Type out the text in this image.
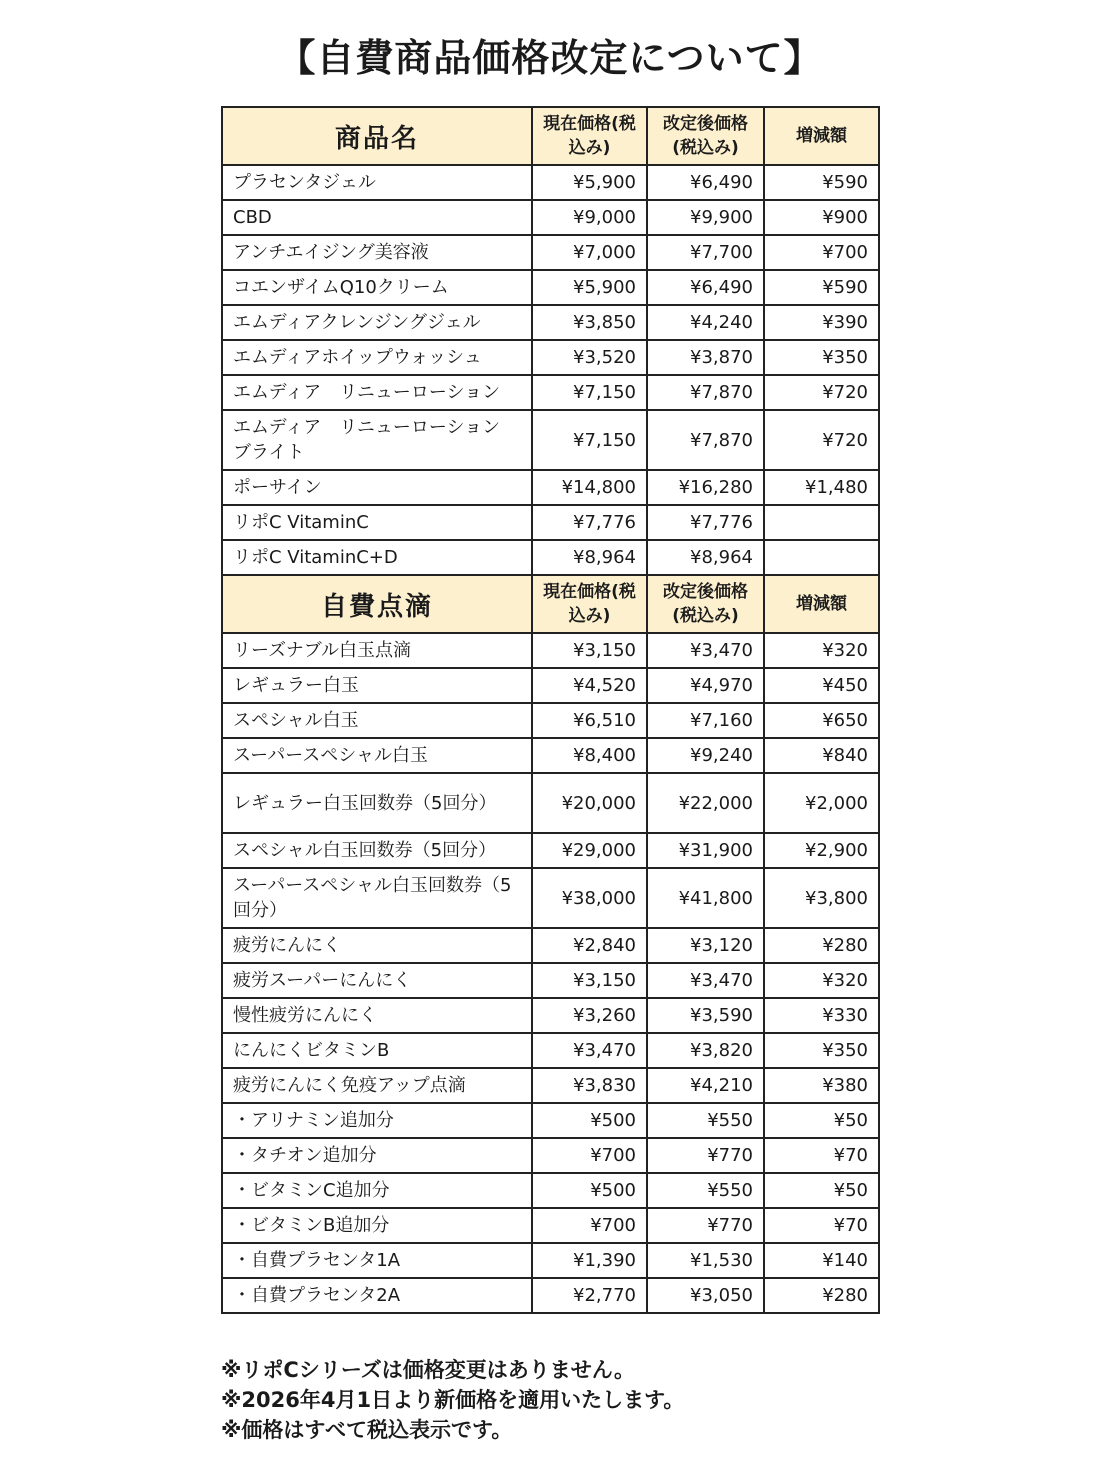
【自費商品価格改定について】
商品名	現在価格(税込み)	改定後価格(税込み)	増減額
プラセンタジェル	¥5,900	¥6,490	¥590
CBD	¥9,000	¥9,900	¥900
アンチエイジング美容液	¥7,000	¥7,700	¥700
コエンザイムQ10クリーム	¥5,900	¥6,490	¥590
エムディアクレンジングジェル	¥3,850	¥4,240	¥390
エムディアホイップウォッシュ	¥3,520	¥3,870	¥350
エムディア　リニューローション	¥7,150	¥7,870	¥720
エムディア　リニューローション　ブライト	¥7,150	¥7,870	¥720
ポーサイン	¥14,800	¥16,280	¥1,480
リポC VitaminC	¥7,776	¥7,776	
リポC VitaminC+D	¥8,964	¥8,964	
自費点滴	現在価格(税込み)	改定後価格(税込み)	増減額
リーズナブル白玉点滴	¥3,150	¥3,470	¥320
レギュラー白玉	¥4,520	¥4,970	¥450
スペシャル白玉	¥6,510	¥7,160	¥650
スーパースペシャル白玉	¥8,400	¥9,240	¥840
レギュラー白玉回数券（5回分）	¥20,000	¥22,000	¥2,000
スペシャル白玉回数券（5回分）	¥29,000	¥31,900	¥2,900
スーパースペシャル白玉回数券（5回分）	¥38,000	¥41,800	¥3,800
疲労にんにく	¥2,840	¥3,120	¥280
疲労スーパーにんにく	¥3,150	¥3,470	¥320
慢性疲労にんにく	¥3,260	¥3,590	¥330
にんにくビタミンB	¥3,470	¥3,820	¥350
疲労にんにく免疫アップ点滴	¥3,830	¥4,210	¥380
・アリナミン追加分	¥500	¥550	¥50
・タチオン追加分	¥700	¥770	¥70
・ビタミンC追加分	¥500	¥550	¥50
・ビタミンB追加分	¥700	¥770	¥70
・自費プラセンタ1A	¥1,390	¥1,530	¥140
・自費プラセンタ2A	¥2,770	¥3,050	¥280
※リポCシリーズは価格変更はありません。
※2026年4月1日より新価格を適用いたします。
※価格はすべて税込表示です。
